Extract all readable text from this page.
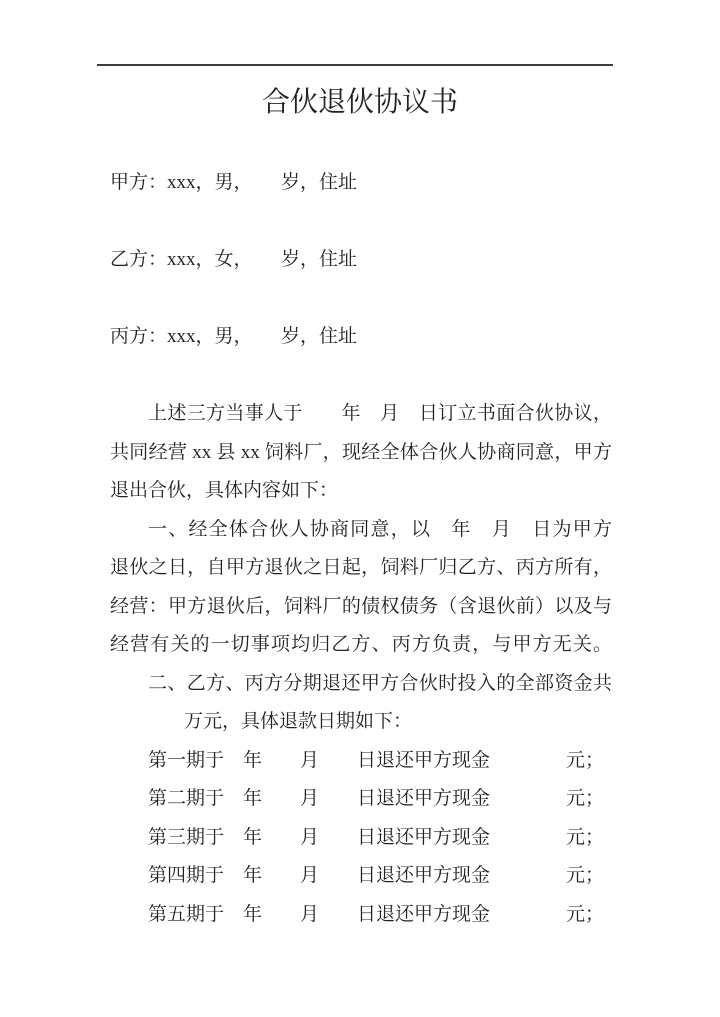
合伙退伙协议书

甲方：xxx，男，　　岁，住址

乙方：xxx，女，　　岁，住址

丙方：xxx，男，　　岁，住址

上述三方当事人于　　年　月　日订立书面合伙协议，
共同经营 xx 县 xx 饲料厂，现经全体合伙人协商同意，甲方
退出合伙，具体内容如下：
一、经全体合伙人协商同意，以　年　月　日为甲方
退伙之日，自甲方退伙之日起，饲料厂归乙方、丙方所有，
经营：甲方退伙后，饲料厂的债权债务（含退伙前）以及与
经营有关的一切事项均归乙方、丙方负责，与甲方无关。
二、乙方、丙方分期退还甲方合伙时投入的全部资金共
万元，具体退款日期如下：
第一期于　年　　月　　日退还甲方现金　　　　元；
第二期于　年　　月　　日退还甲方现金　　　　元；
第三期于　年　　月　　日退还甲方现金　　　　元；
第四期于　年　　月　　日退还甲方现金　　　　元；
第五期于　年　　月　　日退还甲方现金　　　　元；
